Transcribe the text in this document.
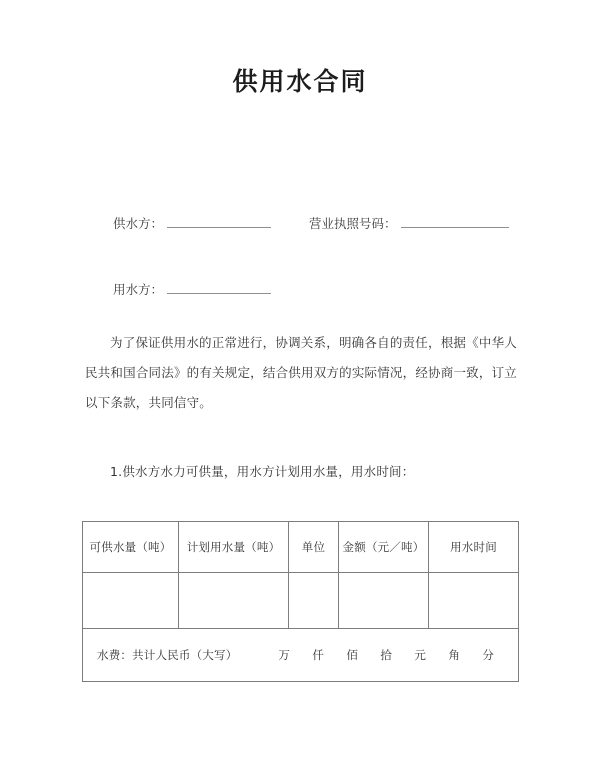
供用水合同
供水方：	营业执照号码：
用水方：
为了保证供用水的正常进行，协调关系，明确各自的责任，根据《中华人民共和国合同法》的有关规定，结合供用双方的实际情况，经协商一致，订立以下条款，共同信守。
1.供水方水力可供量，用水方计划用水量，用水时间：
可供水量（吨）	计划用水量（吨）	单位	金额（元／吨）	用水时间

水费：共计人民币（大写） 万 仟 佰 拾 元 角 分				
